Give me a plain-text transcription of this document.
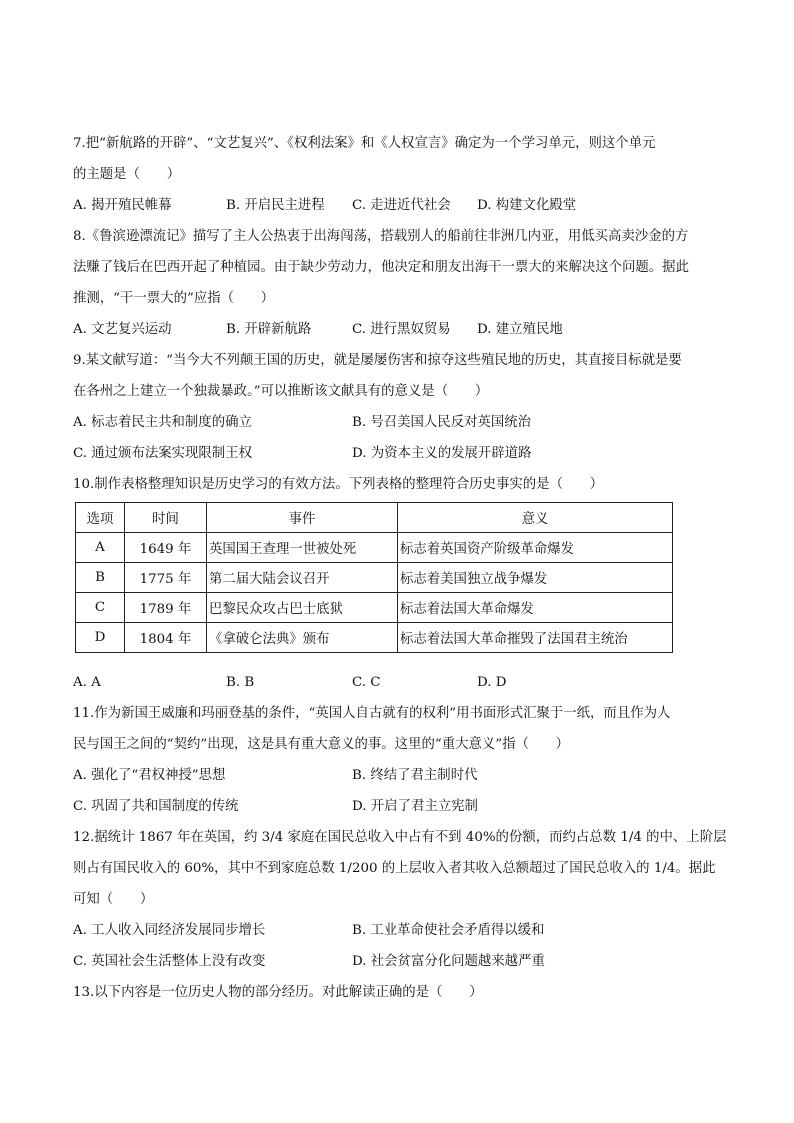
7.把“新航路的开辟”、“文艺复兴”、《权利法案》和《人权宣言》确定为一个学习单元，则这个单元
的主题是（　　）
A. 揭开殖民帷幕	B. 开启民主进程 C. 走进近代社会 D. 构建文化殿堂
8.《鲁滨逊漂流记》描写了主人公热衷于出海闯荡，搭载别人的船前往非洲几内亚，用低买高卖沙金的方
法赚了钱后在巴西开起了种植园。由于缺少劳动力，他决定和朋友出海干一票大的来解决这个问题。据此
推测，“干一票大的”应指（　　）
A. 文艺复兴运动	B. 开辟新航路	C. 进行黑奴贸易 D. 建立殖民地
9.某文献写道：“当今大不列颠王国的历史，就是屡屡伤害和掠夺这些殖民地的历史，其直接目标就是要
在各州之上建立一个独裁暴政。”可以推断该文献具有的意义是（　　）
A. 标志着民主共和制度的确立	B. 号召美国人民反对英国统治
C. 通过颁布法案实现限制王权	D. 为资本主义的发展开辟道路
10.制作表格整理知识是历史学习的有效方法。下列表格的整理符合历史事实的是（　　）
选项	时间	事件	意义
A	1649 年	英国国王查理一世被处死	标志着英国资产阶级革命爆发
B	1775 年	第二届大陆会议召开	标志着美国独立战争爆发
C	1789 年	巴黎民众攻占巴士底狱	标志着法国大革命爆发
D	1804 年	《拿破仑法典》颁布	标志着法国大革命摧毁了法国君主统治
A. A	B. B	C. C	D. D
11.作为新国王威廉和玛丽登基的条件，“英国人自古就有的权利”用书面形式汇聚于一纸，而且作为人
民与国王之间的“契约”出现，这是具有重大意义的事。这里的“重大意义”指（　　）
A. 强化了“君权神授”思想	B. 终结了君主制时代
C. 巩固了共和国制度的传统	D. 开启了君主立宪制
12.据统计 1867 年在英国，约 3/4 家庭在国民总收入中占有不到 40%的份额，而约占总数 1/4 的中、上阶层
则占有国民收入的 60%，其中不到家庭总数 1/200 的上层收入者其收入总额超过了国民总收入的 1/4。据此
可知（　　）
A. 工人收入同经济发展同步增长	B. 工业革命使社会矛盾得以缓和
C. 英国社会生活整体上没有改变	D. 社会贫富分化问题越来越严重
13.以下内容是一位历史人物的部分经历。对此解读正确的是（　　）
